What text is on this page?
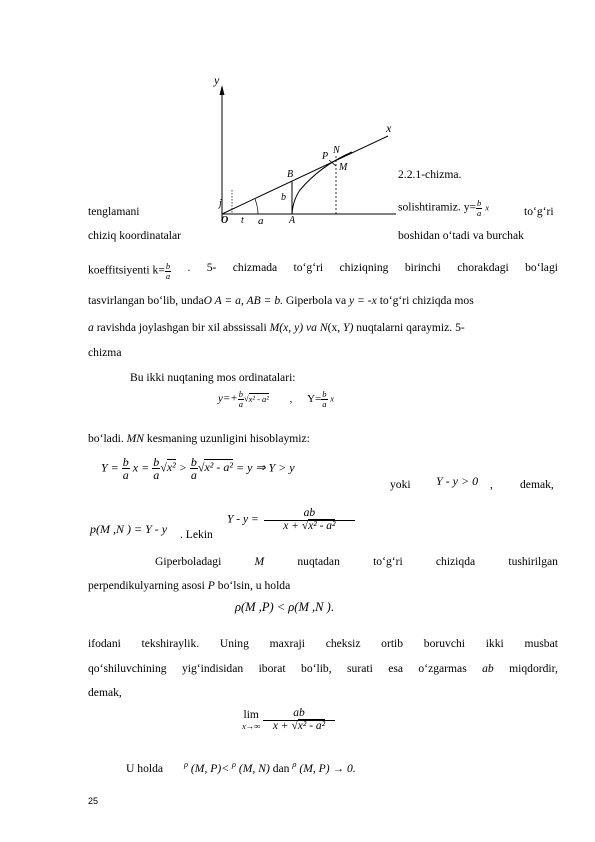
y
x
O
j
t a	A
B
b
P
N
M
2.2.1-chizma.
tenglamani	solishtiramiz. $y= \frac{b}{a}$ x	to‘g‘ri
chiziq koordinatalar	boshidan o‘tadi va burchak
koeffitsiyenti $k= \frac{b}{a}$ . 5- chizmada to‘g‘ri chiziqning birinchi chorakdagi bo‘lagi
tasvirlangan bo‘lib, undaO A = a, AB = b. Giperbola va y = -x to‘g‘ri chiziqda mos
a ravishda joylashgan bir xil abssissali M(x, y) va N(x, Y) nuqtalarni qaraymiz. 5-
chizma
Bu ikki nuqtaning mos ordinatalari:
$y=+ \frac{b}{a} √x^2 - a^2$ , $Y= \frac{b}{a}$ x
bo‘ladi. MN kesmaning uzunligini hisoblaymiz:
$Y = \frac{b}{a}$ $x = \frac{b}{a} √x^2 > \frac{b}{a} √x^2 - a^2 = y$ ⇒ Y > y
yoki Y - y > 0 , demak,
p(M ,N ) = Y - y . Lekin
$Y - y = \frac{ab}{\text{x + √x² - a²}}$
Giperboladagi	M	nuqtadan	to‘g‘ri	chiziqda	tushirilgan
perpendikulyarning asosi P bo‘lsin, u holda
ρ(M ,P) < ρ(M ,N ).
ifodani tekshiraylik. Uning maxraji cheksiz ortib boruvchi ikki musbat
qo‘shiluvchining yig‘indisidan iborat bo‘lib, surati esa o‘zgarmas ab miqdordir,
demak,
lim
x→∞
$\frac{ab}{\text{x + √x² - a²}}$
U holda $^\rho$ (M, P)< $^\rho$ (M, N) dan $^\rho$ (M, P) → 0.
25
